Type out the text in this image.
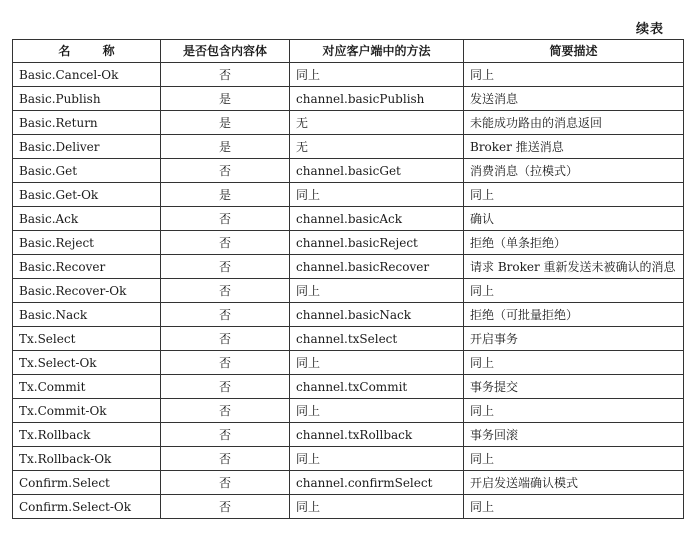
续表
名 称	是否包含内容体	对应客户端中的方法	简要描述
Basic.Cancel-Ok	否	同上	同上
Basic.Publish	是	channel.basicPublish	发送消息
Basic.Return	是	无	未能成功路由的消息返回
Basic.Deliver	是	无	Broker 推送消息
Basic.Get	否	channel.basicGet	消费消息（拉模式）
Basic.Get-Ok	是	同上	同上
Basic.Ack	否	channel.basicAck	确认
Basic.Reject	否	channel.basicReject	拒绝（单条拒绝）
Basic.Recover	否	channel.basicRecover	请求 Broker 重新发送未被确认的消息
Basic.Recover-Ok	否	同上	同上
Basic.Nack	否	channel.basicNack	拒绝（可批量拒绝）
Tx.Select	否	channel.txSelect	开启事务
Tx.Select-Ok	否	同上	同上
Tx.Commit	否	channel.txCommit	事务提交
Tx.Commit-Ok	否	同上	同上
Tx.Rollback	否	channel.txRollback	事务回滚
Tx.Rollback-Ok	否	同上	同上
Confirm.Select	否	channel.confirmSelect	开启发送端确认模式
Confirm.Select-Ok	否	同上	同上
